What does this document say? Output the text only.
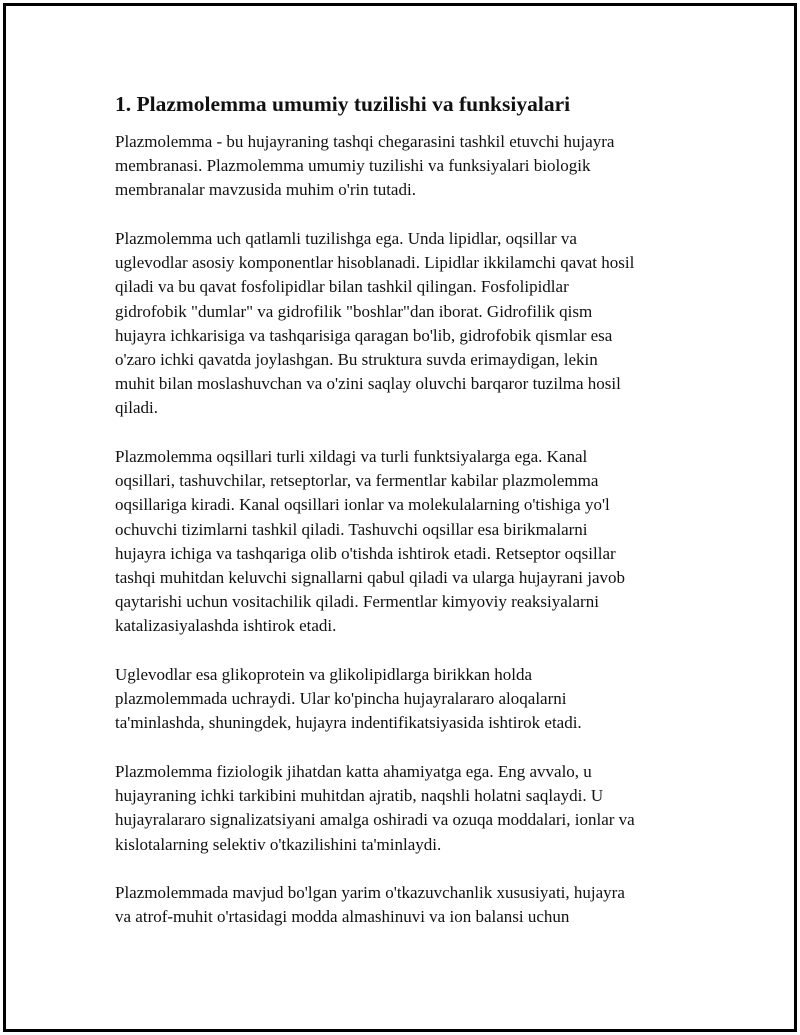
1. Plazmolemma umumiy tuzilishi va funksiyalari

Plazmolemma - bu hujayraning tashqi chegarasini tashkil etuvchi hujayra
membranasi. Plazmolemma umumiy tuzilishi va funksiyalari biologik
membranalar mavzusida muhim o'rin tutadi.

Plazmolemma uch qatlamli tuzilishga ega. Unda lipidlar, oqsillar va
uglevodlar asosiy komponentlar hisoblanadi. Lipidlar ikkilamchi qavat hosil
qiladi va bu qavat fosfolipidlar bilan tashkil qilingan. Fosfolipidlar
gidrofobik "dumlar" va gidrofilik "boshlar"dan iborat. Gidrofilik qism
hujayra ichkarisiga va tashqarisiga qaragan bo'lib, gidrofobik qismlar esa
o'zaro ichki qavatda joylashgan. Bu struktura suvda erimaydigan, lekin
muhit bilan moslashuvchan va o'zini saqlay oluvchi barqaror tuzilma hosil
qiladi.

Plazmolemma oqsillari turli xildagi va turli funktsiyalarga ega. Kanal
oqsillari, tashuvchilar, retseptorlar, va fermentlar kabilar plazmolemma
oqsillariga kiradi. Kanal oqsillari ionlar va molekulalarning o'tishiga yo'l
ochuvchi tizimlarni tashkil qiladi. Tashuvchi oqsillar esa birikmalarni
hujayra ichiga va tashqariga olib o'tishda ishtirok etadi. Retseptor oqsillar
tashqi muhitdan keluvchi signallarni qabul qiladi va ularga hujayrani javob
qaytarishi uchun vositachilik qiladi. Fermentlar kimyoviy reaksiyalarni
katalizasiyalashda ishtirok etadi.

Uglevodlar esa glikoprotein va glikolipidlarga birikkan holda
plazmolemmada uchraydi. Ular ko'pincha hujayralararo aloqalarni
ta'minlashda, shuningdek, hujayra indentifikatsiyasida ishtirok etadi.

Plazmolemma fiziologik jihatdan katta ahamiyatga ega. Eng avvalo, u
hujayraning ichki tarkibini muhitdan ajratib, naqshli holatni saqlaydi. U
hujayralararo signalizatsiyani amalga oshiradi va ozuqa moddalari, ionlar va
kislotalarning selektiv o'tkazilishini ta'minlaydi.

Plazmolemmada mavjud bo'lgan yarim o'tkazuvchanlik xususiyati, hujayra
va atrof-muhit o'rtasidagi modda almashinuvi va ion balansi uchun
